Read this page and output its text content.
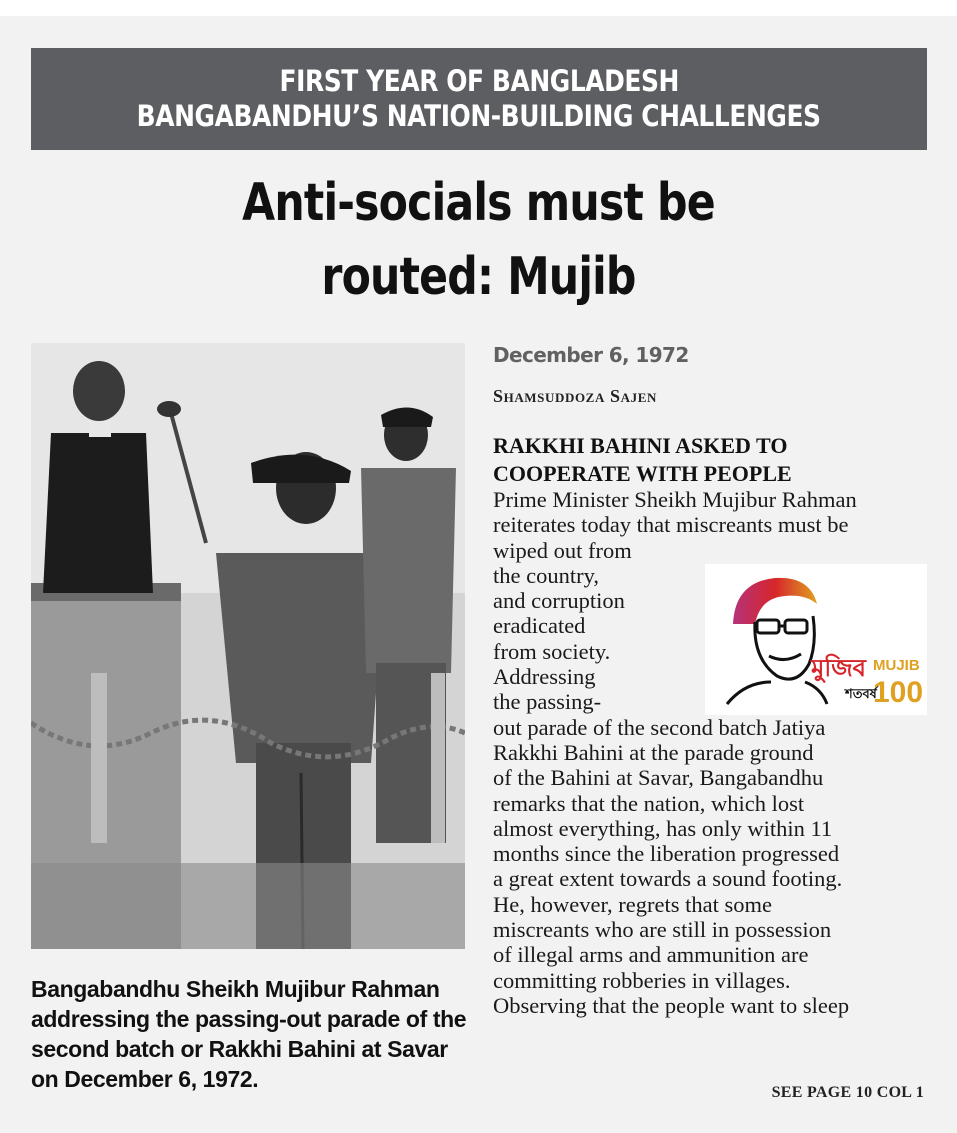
FIRST YEAR OF BANGLADESH
BANGABANDHU’S NATION-BUILDING CHALLENGES
Anti-socials must be
routed: Mujib
Bangabandhu Sheikh Mujibur Rahman addressing the passing-out parade of the second batch or Rakkhi Bahini at Savar on December 6, 1972.
December 6, 1972
Shamsuddoza Sajen
RAKKHI BAHINI ASKED TO
COOPERATE WITH PEOPLE
Prime Minister Sheikh Mujibur Rahman
reiterates today that miscreants must be
wiped out from
the country,
and corruption
eradicated
from society.
Addressing
the passing-
out parade of the second batch Jatiya
Rakkhi Bahini at the parade ground
of the Bahini at Savar, Bangabandhu
remarks that the nation, which lost
almost everything, has only within 11
months since the liberation progressed
a great extent towards a sound footing.
He, however, regrets that some
miscreants who are still in possession
of illegal arms and ammunition are
committing robberies in villages.
Observing that the people want to sleep
মুজিব
শতবর্ষ
MUJIB
100
SEE PAGE 10 COL 1
